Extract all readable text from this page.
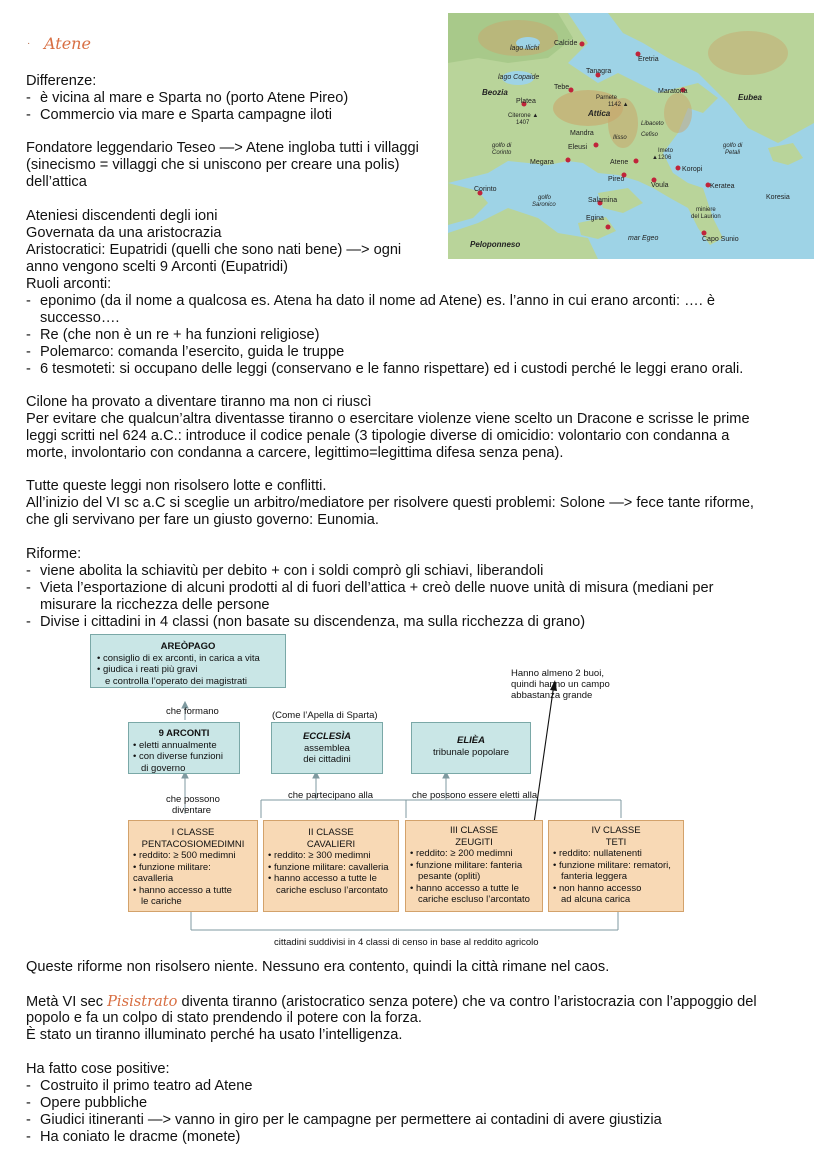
· Atene
Differenze:
- è vicina al mare e Sparta no (porto Atene Pireo)
- Commercio via mare e Sparta campagne iloti
Fondatore leggendario Teseo —> Atene ingloba tutti i villaggi
(sinecismo = villaggi che si uniscono per creare una polis)
dell’attica
Ateniesi discendenti degli ioni
Governata da una aristocrazia
Aristocratici: Eupatridi (quelli che sono nati bene) —> ogni
anno vengono scelti 9 Arconti (Eupatridi)
Ruoli arconti:
- eponimo (da il nome a qualcosa es. Atena ha dato il nome ad Atene) es. l’anno in cui erano arconti: …. è
successo….
- Re (che non è un re + ha funzioni religiose)
- Polemarco: comanda l’esercito, guida le truppe
- 6 tesmoteti: si occupano delle leggi (conservano e le fanno rispettare) ed i custodi perché le leggi erano orali.
Cilone ha provato a diventare tiranno ma non ci riuscì
Per evitare che qualcun’altra diventasse tiranno o esercitare violenze viene scelto un Dracone e scrisse le prime
leggi scritti nel 624 a.C.: introduce il codice penale (3 tipologie diverse di omicidio: volontario con condanna a
morte, involontario con condanna a carcere, legittimo=legittima difesa senza pena).
Tutte queste leggi non risolsero lotte e conflitti.
All’inizio del VI sc a.C si sceglie un arbitro/mediatore per risolvere questi problemi: Solone —> fece tante riforme,
che gli servivano per fare un giusto governo: Eunomia.
Riforme:
- viene abolita la schiavitù per debito + con i soldi comprò gli schiavi, liberandoli
- Vieta l’esportazione di alcuni prodotti al di fuori dell’attica + creò delle nuove unità di misura (mediani per
misurare la ricchezza delle persone
- Divise i cittadini in 4 classi (non basate su discendenza, ma sulla ricchezza di grano)
lago Ilichi
Calcide
Eretria
Tanagra
lago Copaide
Tebe
Beozia
Platea	Parnete
1142 ▲
Maratona
Eubea
Citerone ▲
1407
Attica
Mandra
Ilisso
Libaceto
Cefiso
golfo di
Corinto
Eleusi	Imeto
▲1206
golfo di
Petali
Megara	Atene
Koropi
Pireo
Voula	Keratea
Corinto
golfo
Saronico
Salamina	Koresia
miniere
del Laurion
Egina
Peloponneso
mar Egeo	Capo Sunio
AREÒPAGO
• consiglio di ex arconti, in carica a vita
• giudica i reati più gravi
e controlla l’operato dei magistrati
che formano
9 ARCONTI
• eletti annualmente
• con diverse funzioni
di governo
(Come l’Apella di Sparta)
ECCLESÌA
assemblea
dei cittadini
ELIÈA
tribunale popolare
Hanno almeno 2 buoi,
quindi hanno un campo
abbastanza grande
che possono
diventare
che partecipano alla	che possono essere eletti alla
I CLASSE
PENTACOSIOMEDIMNI
• reddito: ≥ 500 medimni
• funzione militare: cavalleria
• hanno accesso a tutte
le cariche
II CLASSE
CAVALIERI
• reddito: ≥ 300 medimni
• funzione militare: cavalleria
• hanno accesso a tutte le
cariche escluso l’arcontato
III CLASSE
ZEUGITI
• reddito: ≥ 200 medimni
• funzione militare: fanteria
pesante (opliti)
• hanno accesso a tutte le
cariche escluso l’arcontato
IV CLASSE
TETI
• reddito: nullatenenti
• funzione militare: rematori,
fanteria leggera
• non hanno accesso
ad alcuna carica
cittadini suddivisi in 4 classi di censo in base al reddito agricolo
Queste riforme non risolsero niente. Nessuno era contento, quindi la città rimane nel caos.
Metà VI sec Pisistrato diventa tiranno (aristocratico senza potere) che va contro l’aristocrazia con l’appoggio del
popolo e fa un colpo di stato prendendo il potere con la forza.
È stato un tiranno illuminato perché ha usato l’intelligenza.
Ha fatto cose positive:
- Costruito il primo teatro ad Atene
- Opere pubbliche
- Giudici itineranti —> vanno in giro per le campagne per permettere ai contadini di avere giustizia
- Ha coniato le dracme (monete)
